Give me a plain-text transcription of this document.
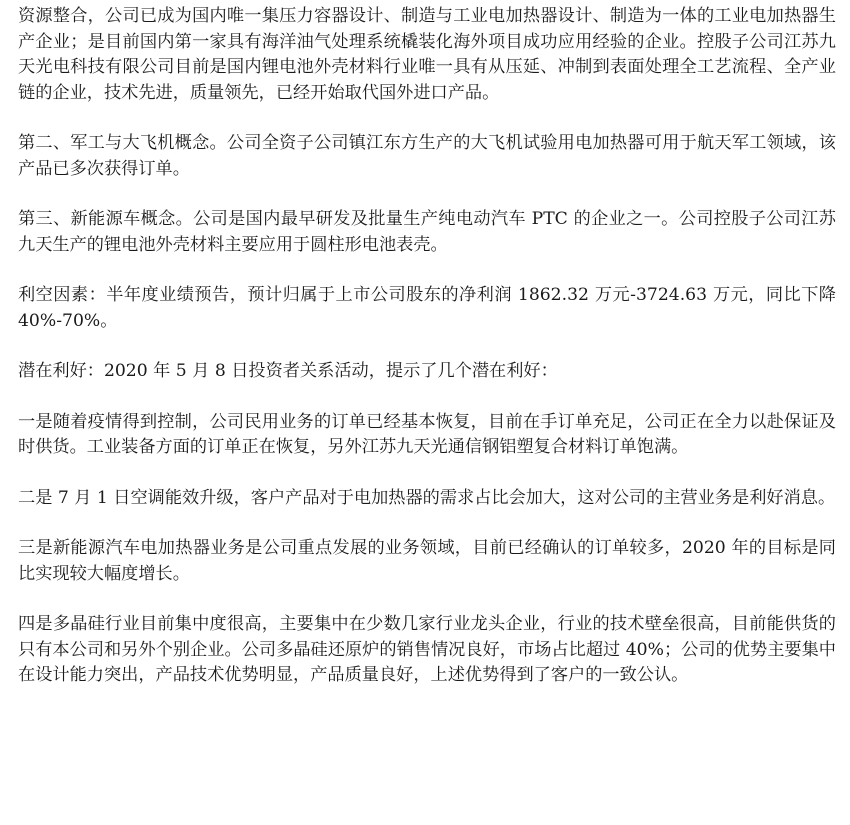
资源整合，公司已成为国内唯一集压力容器设计、制造与工业电加热器设计、制造为一体的工业电加热器生产企业；是目前国内第一家具有海洋油气处理系统橇装化海外项目成功应用经验的企业。控股子公司江苏九天光电科技有限公司目前是国内锂电池外壳材料行业唯一具有从压延、冲制到表面处理全工艺流程、全产业链的企业，技术先进，质量领先，已经开始取代国外进口产品。

第二、军工与大飞机概念。公司全资子公司镇江东方生产的大飞机试验用电加热器可用于航天军工领域，该产品已多次获得订单。

第三、新能源车概念。公司是国内最早研发及批量生产纯电动汽车 PTC 的企业之一。公司控股子公司江苏九天生产的锂电池外壳材料主要应用于圆柱形电池表壳。

利空因素：半年度业绩预告，预计归属于上市公司股东的净利润 1862.32 万元-3724.63 万元，同比下降 40%-70%。

潜在利好：2020 年 5 月 8 日投资者关系活动，提示了几个潜在利好：

一是随着疫情得到控制，公司民用业务的订单已经基本恢复，目前在手订单充足，公司正在全力以赴保证及时供货。工业装备方面的订单正在恢复，另外江苏九天光通信钢铝塑复合材料订单饱满。

二是 7 月 1 日空调能效升级，客户产品对于电加热器的需求占比会加大，这对公司的主营业务是利好消息。

三是新能源汽车电加热器业务是公司重点发展的业务领域，目前已经确认的订单较多，2020 年的目标是同比实现较大幅度增长。

四是多晶硅行业目前集中度很高，主要集中在少数几家行业龙头企业，行业的技术壁垒很高，目前能供货的只有本公司和另外个别企业。公司多晶硅还原炉的销售情况良好，市场占比超过 40%；公司的优势主要集中在设计能力突出，产品技术优势明显，产品质量良好，上述优势得到了客户的一致公认。
